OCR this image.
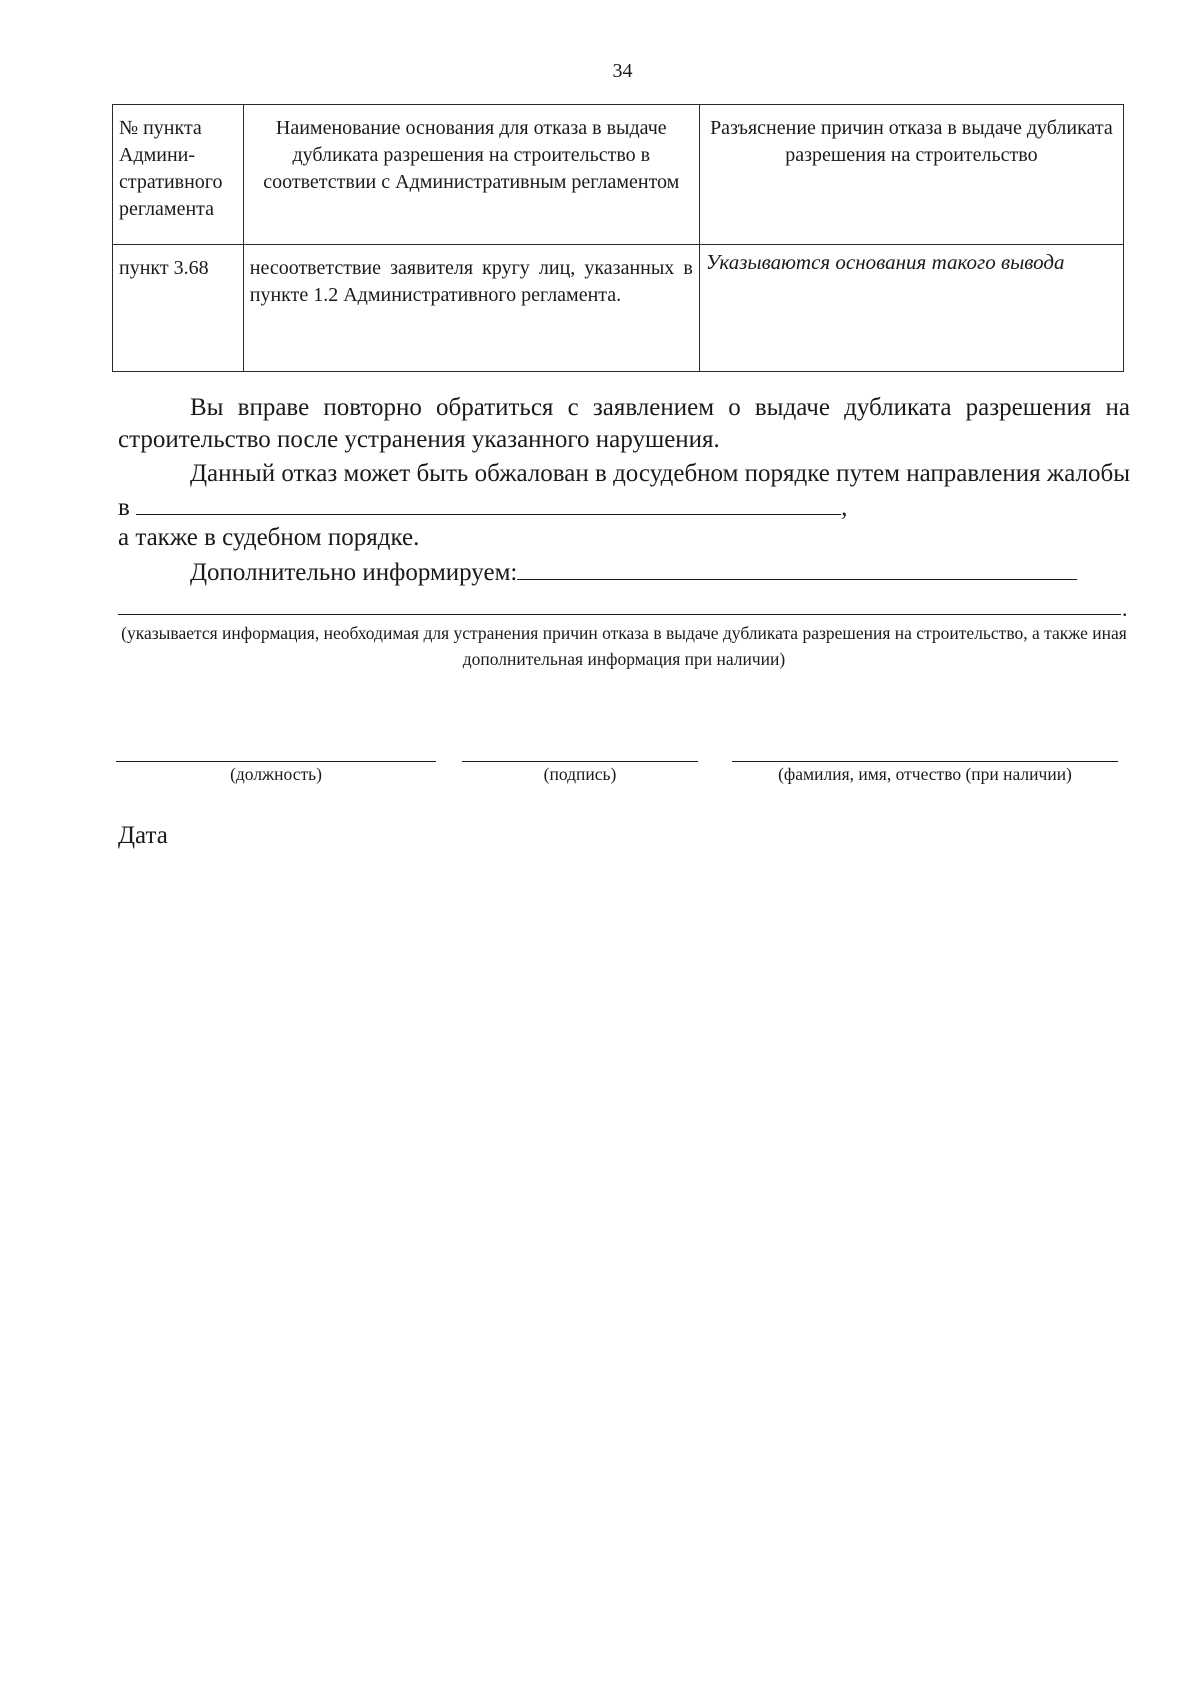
34
№ пункта Админи-стративного регламента	Наименование основания для отказа в выдаче дубликата разрешения на строительство в соответствии с Административным регламентом	Разъяснение причин отказа в выдаче дубликата разрешения на строительство
пункт 3.68	несоответствие заявителя кругу лиц, указанных в пункте 1.2 Административного регламента.	Указываются основания такого вывода
Вы вправе повторно обратиться с заявлением о выдаче дубликата разрешения на строительство после устранения указанного нарушения.
Данный отказ может быть обжалован в досудебном порядке путем направления жалобы в	,
а также в судебном порядке.
Дополнительно информируем:
.
(указывается информация, необходимая для устранения причин отказа в выдаче дубликата разрешения на строительство, а также иная дополнительная информация при наличии)
(должность)	(подпись)	(фамилия, имя, отчество (при наличии)
Дата
